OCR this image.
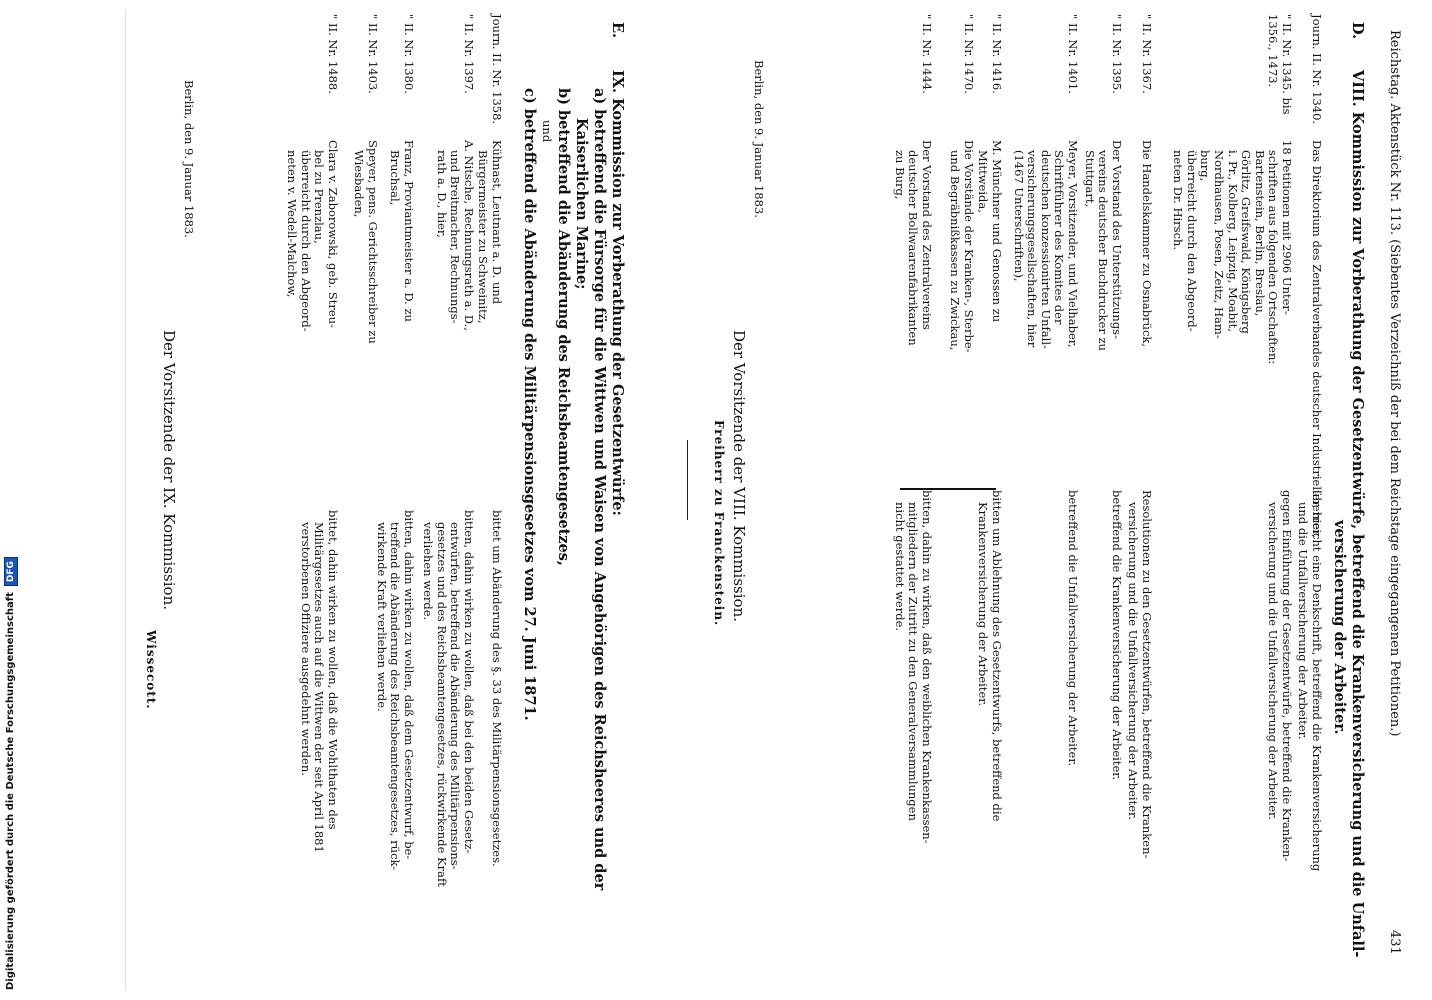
Reichstag. Aktenstück Nr. 113. (Siebentes Verzeichniß der bei dem Reichstage eingegangenen Petitionen.)
431
D.
VIII. Kommission zur Vorberathung der Gesetzentwürfe, betreffend die Krankenversicherung und die Unfall-
versicherung der Arbeiter.
Journ. II. Nr. 1340.
Das Direktorium des Zentralverbandes deutscher Industrieller, hier,
überreicht eine Denkschrift, betreffend die Krankenversicherung
und die Unfallversicherung der Arbeiter.
" II. Nr. 1345. bis 1356., 1473.
18 Petitionen mit 2906 Unter-
schriften aus folgenden Ortschaften:
Bartenstein, Berlin, Breslau,
Görlitz, Greifswald, Königsberg
i. Pr., Kolberg, Leipzig, Moabit,
Nordhausen, Posen, Zeitz, Ham-
burg,
überreicht durch den Abgeord-
neten Dr. Hirsch.
gegen Einführung der Gesetzentwürfe, betreffend die Kranken-
versicherung und die Unfallversicherung der Arbeiter.
" II. Nr. 1367.
Die Handelskammer zu Osnabrück,
Resolutionen zu den Gesetzentwürfen, betreffend die Kranken-
versicherung und die Unfallversicherung der Arbeiter.
" II. Nr. 1395.
Der Vorstand des Unterstützungs-
vereins deutscher Buchdrucker zu
Stuttgart,
betreffend die Krankenversicherung der Arbeiter.
" II. Nr. 1401.
Meyer, Vorsitzender, und Vielhaber,
Schriftführer des Komites der
deutschen konzessionirten Unfall-
versicherungsgesellschaften, hier
(1467 Unterschriften),
betreffend die Unfallversicherung der Arbeiter.
" II. Nr. 1416.
M. Münchner und Genossen zu
Mittweida,
bitten um Ablehnung des Gesetzentwurfs, betreffend die
Krankenversicherung der Arbeiter.
" II. Nr. 1470.
Die Vorstände der Kranken-, Sterbe-
und Begräbnißkassen zu Zwickau,
" II. Nr. 1444.
Der Vorstand des Zentralvereins
deutscher Bollwaarenfabrikanten
zu Burg,
bitten, dahin zu wirken, daß den weiblichen Krankenkassen-
mitgliedern der Zutritt zu den Generalversammlungen
nicht gestattet werde.
Berlin, den 9. Januar 1883.
Der Vorsitzende der VIII. Kommission.
Freiherr zu Franckenstein.
E.
IX. Kommission zur Vorberathung der Gesetzentwürfe:
a) betreffend die Fürsorge für die Wittwen und Waisen von Angehörigen des Reichsheeres und der
Kaiserlichen Marine;
b) betreffend die Abänderung des Reichsbeamtengesetzes,
und
c) betreffend die Abänderung des Militärpensionsgesetzes vom 27. Juni 1871.
Journ. II. Nr. 1358.
Kühnast, Leutnant a. D. und
Bürgermeister zu Schweinitz,
bittet um Abänderung des §. 33 des Militärpensionsgesetzes.
" II. Nr. 1397.
A. Nitsche, Rechnungsrath a. D.,
und Breitmacher, Rechnungs-
rath a. D., hier,
bitten, dahin wirken zu wollen, daß bei den beiden Gesetz-
entwürfen, betreffend die Abänderung des Militärpensions-
gesetzes und des Reichsbeamtengesetzes, rückwirkende Kraft
verliehen werde.
" II. Nr. 1380.
Franz, Proviantmeister a. D. zu
Bruchsal,
bitten, dahin wirken zu wollen, daß dem Gesetzentwurf, be-
treffend die Abänderung des Reichsbeamtengesetzes, rück-
wirkende Kraft verliehen werde.
" II. Nr. 1403.
Speyer, pens. Gerichtsschreiber zu
Wiesbaden,
" II. Nr. 1488.
Clara v. Zaborowski, geb. Streu-
bel zu Prenzlau,
überreicht durch den Abgeord-
neten v. Wedell-Malchow,
bittet, dahin wirken zu wollen, daß die Wohlthaten des
Militärgesetzes auch auf die Wittwen der seit April 1881
verstorbenen Offiziere ausgedehnt werden.
Berlin, den 9. Januar 1883.
Der Vorsitzende der IX. Kommission.
Wissecott.
Digitalisierung gefördert durch die Deutsche ForschungsgemeinschaftDFG
